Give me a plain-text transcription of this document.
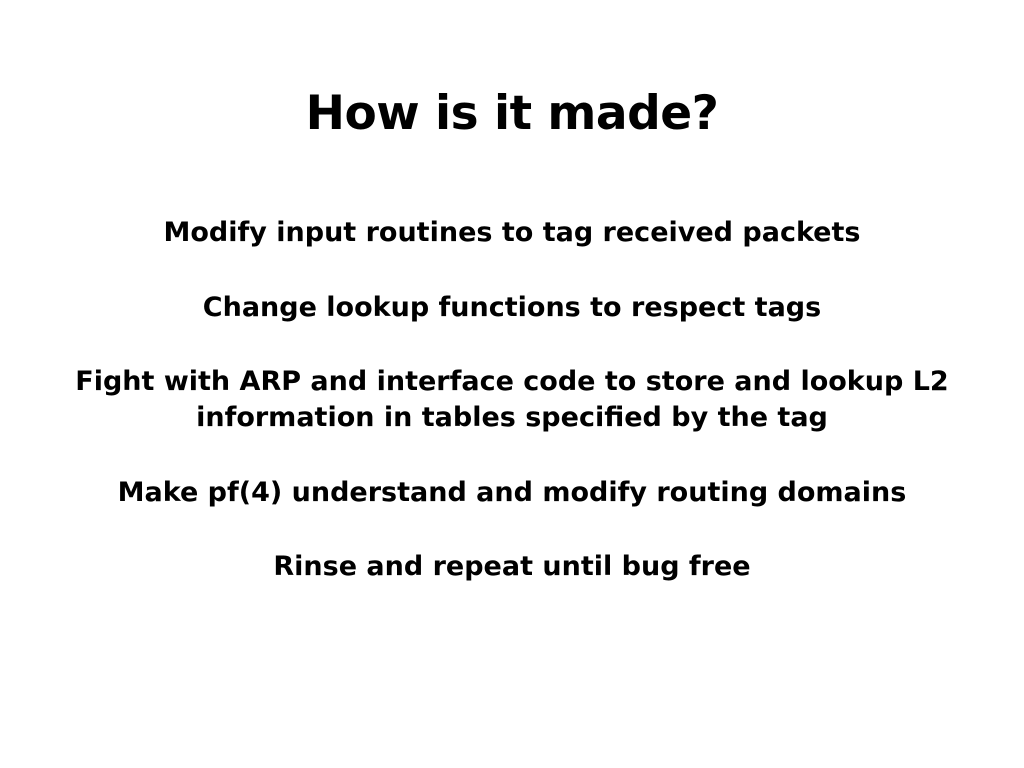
How is it made?

Modify input routines to tag received packets

Change lookup functions to respect tags

Fight with ARP and interface code to store and lookup L2 information in tables specified by the tag

Make pf(4) understand and modify routing domains

Rinse and repeat until bug free
